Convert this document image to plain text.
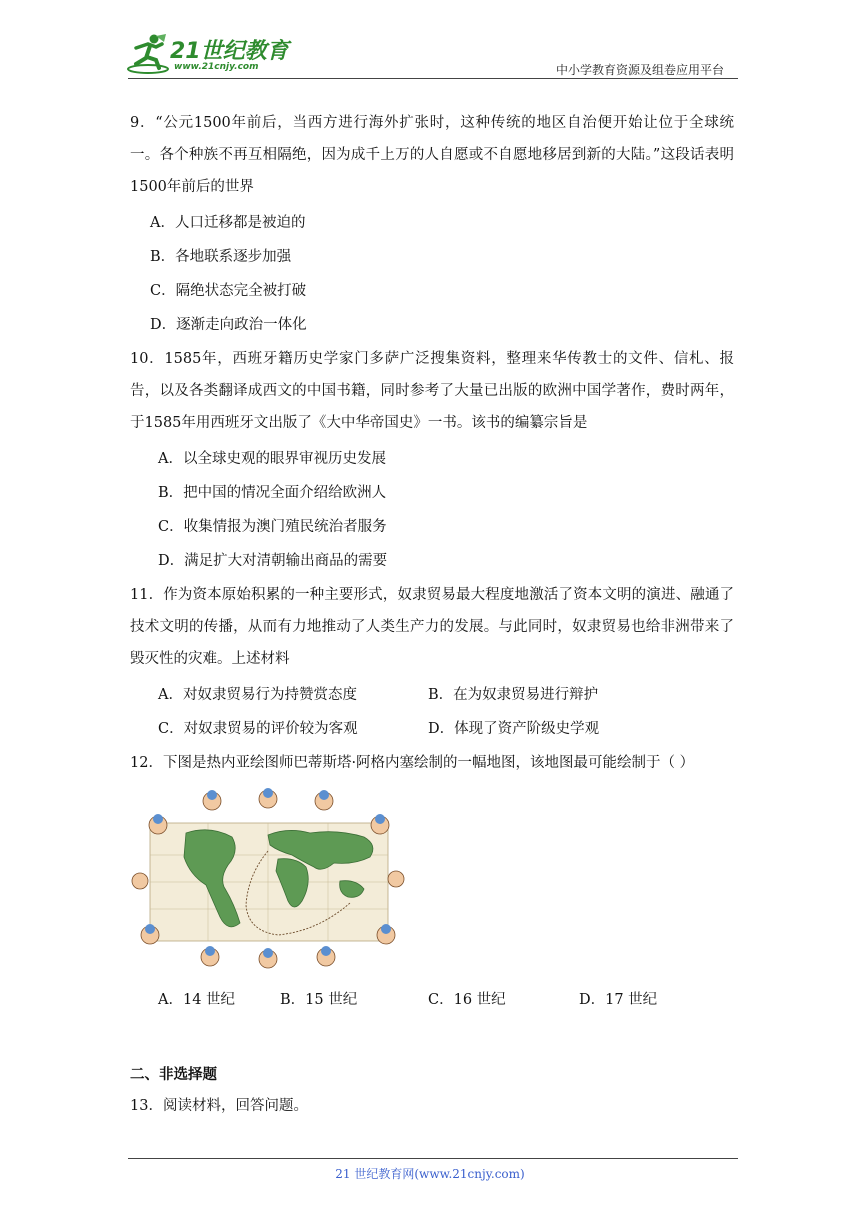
21世纪教育
www.21cnjy.com	中小学教育资源及组卷应用平台

9．“公元1500年前后，当西方进行海外扩张时，这种传统的地区自治便开始让位于全球统一。各个种族不再互相隔绝，因为成千上万的人自愿或不自愿地移居到新的大陆。”这段话表明1500年前后的世界

A．人口迁移都是被迫的
B．各地联系逐步加强
C．隔绝状态完全被打破
D．逐渐走向政治一体化

10．1585年，西班牙籍历史学家门多萨广泛搜集资料，整理来华传教士的文件、信札、报告，以及各类翻译成西文的中国书籍，同时参考了大量已出版的欧洲中国学著作，费时两年，于1585年用西班牙文出版了《大中华帝国史》一书。该书的编纂宗旨是

A．以全球史观的眼界审视历史发展
B．把中国的情况全面介绍给欧洲人
C．收集情报为澳门殖民统治者服务
D．满足扩大对清朝输出商品的需要

11．作为资本原始积累的一种主要形式，奴隶贸易最大程度地激活了资本文明的演进、融通了技术文明的传播，从而有力地推动了人类生产力的发展。与此同时，奴隶贸易也给非洲带来了毁灭性的灾难。上述材料

A．对奴隶贸易行为持赞赏态度	B．在为奴隶贸易进行辩护
C．对奴隶贸易的评价较为客观	D．体现了资产阶级史学观

12．下图是热内亚绘图师巴蒂斯塔·阿格内塞绘制的一幅地图，该地图最可能绘制于（ ）

A．14 世纪	B．15 世纪	C．16 世纪	D．17 世纪
二、非选择题
13．阅读材料，回答问题。
21 世纪教育网(www.21cnjy.com)
